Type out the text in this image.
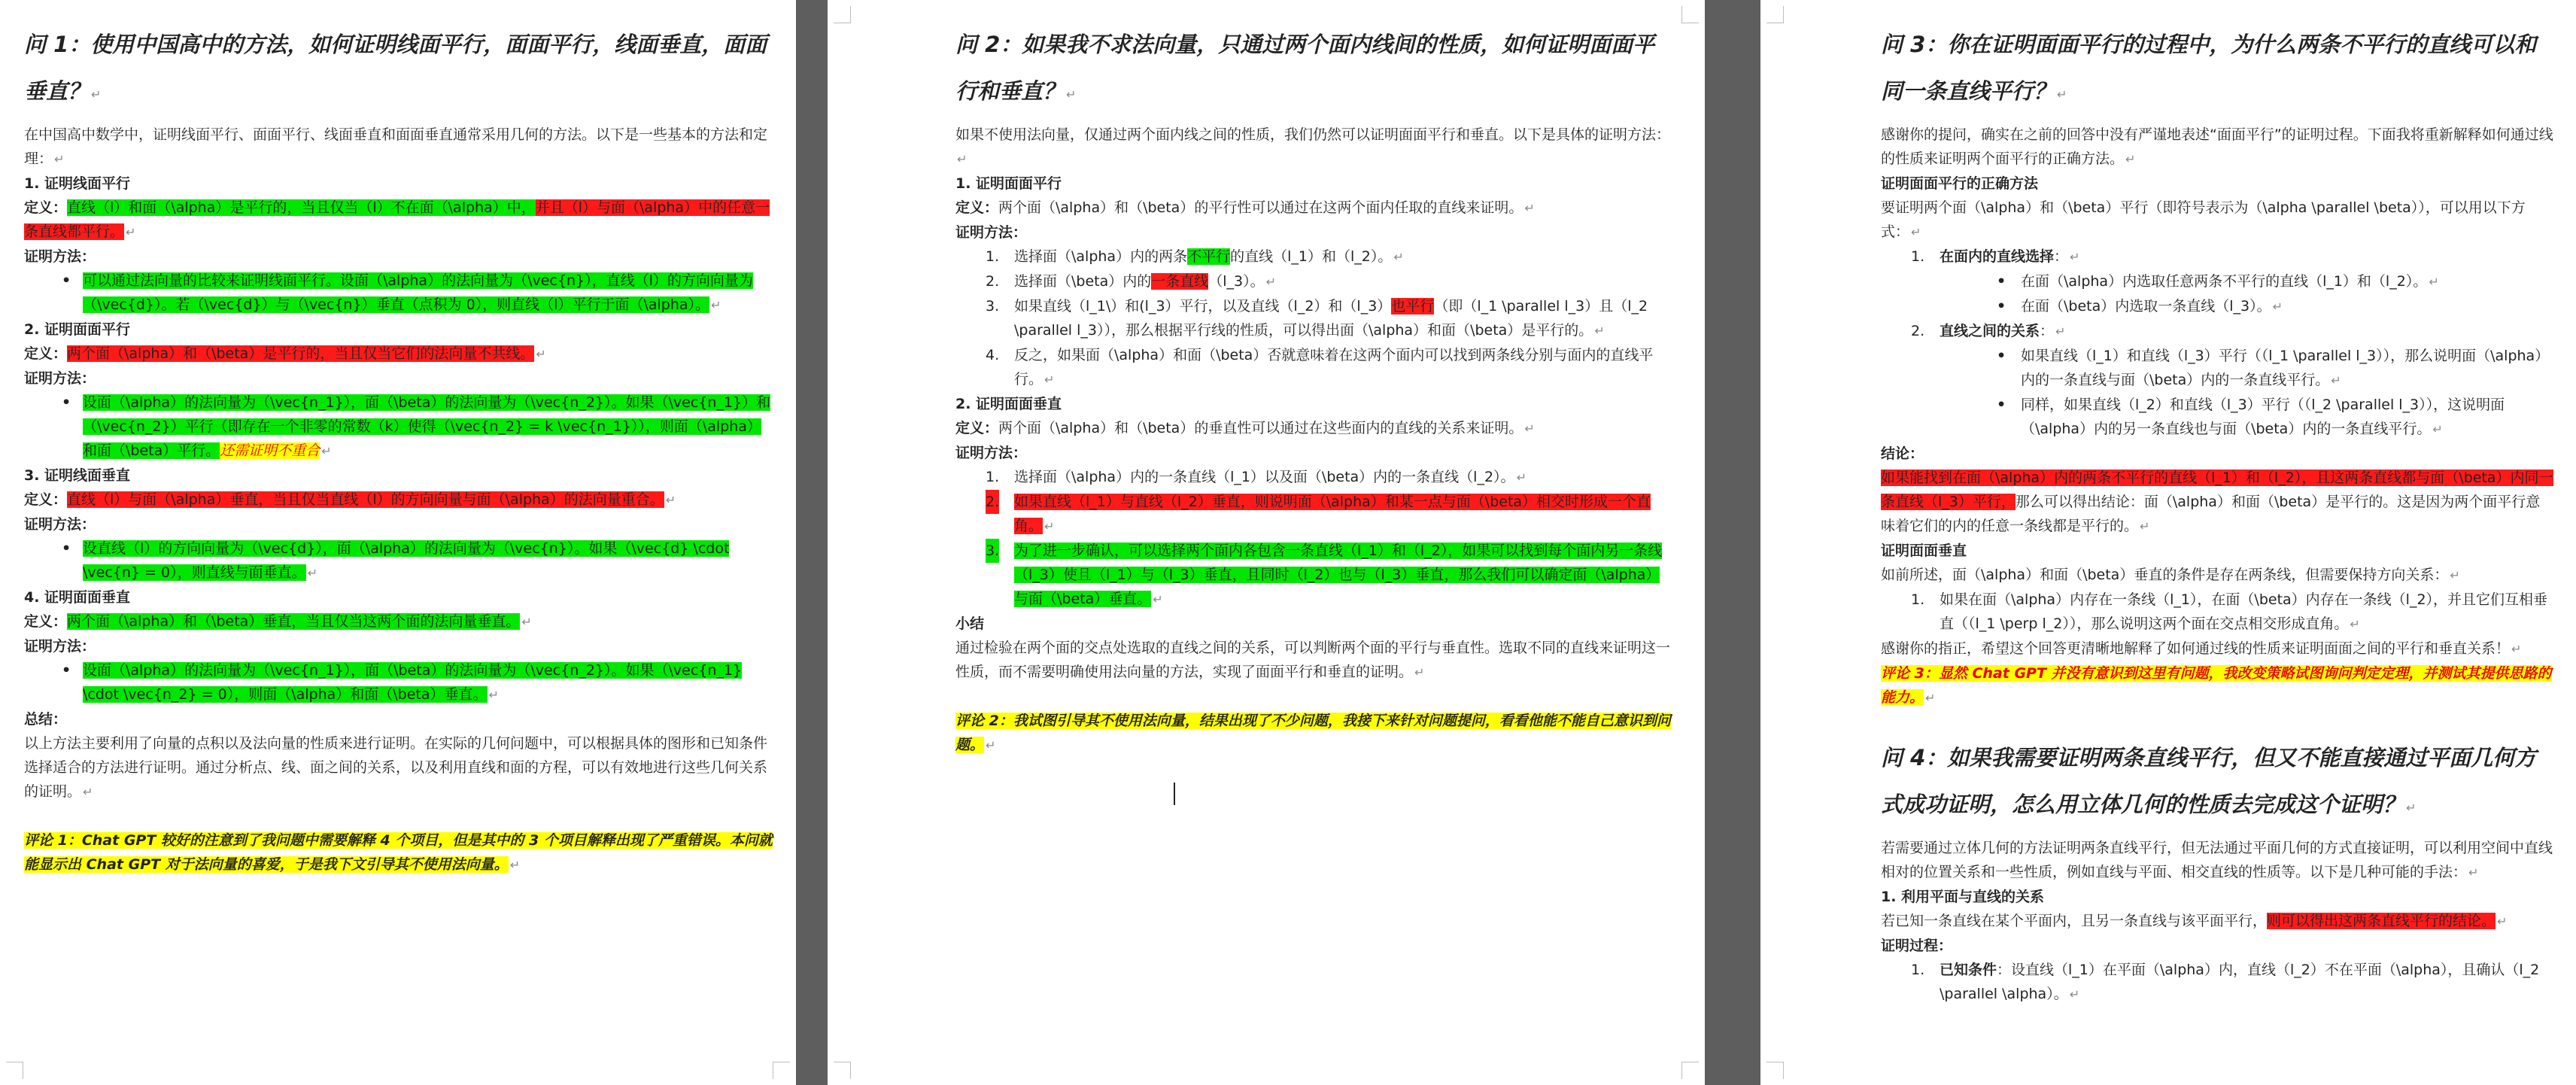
问 1：使用中国高中的方法，如何证明线面平行，面面平行，线面垂直，面面垂直？ ↵

在中国高中数学中，证明线面平行、面面平行、线面垂直和面面垂直通常采用几何的方法。以下是一些基本的方法和定理： ↵

1. 证明线面平行

定义：直线（l）和面（\alpha）是平行的，当且仅当（l）不在面（\alpha）中，并且（l）与面（\alpha）中的任意一条直线都平行。 ↵

证明方法：

• 可以通过法向量的比较来证明线面平行。设面（\alpha）的法向量为（\vec{n}），直线（l）的方向向量为（\vec{d}）。若（\vec{d}）与（\vec{n}）垂直（点积为 0），则直线（l）平行于面（\alpha）。 ↵

2. 证明面面平行

定义：两个面（\alpha）和（\beta）是平行的，当且仅当它们的法向量不共线。 ↵

证明方法：

• 设面（\alpha）的法向量为（\vec{n_1}），面（\beta）的法向量为（\vec{n_2}）。如果（\vec{n_1}）和（\vec{n_2}）平行（即存在一个非零的常数（k）使得（\vec{n_2} = k \vec{n_1}）），则面（\alpha）和面（\beta）平行。还需证明不重合 ↵

3. 证明线面垂直

定义：直线（l）与面（\alpha）垂直，当且仅当直线（l）的方向向量与面（\alpha）的法向量重合。 ↵

证明方法：

• 设直线（l）的方向向量为（\vec{d}），面（\alpha）的法向量为（\vec{n}）。如果（\vec{d} \cdot \vec{n} = 0），则直线与面垂直。 ↵

4. 证明面面垂直

定义：两个面（\alpha）和（\beta）垂直，当且仅当这两个面的法向量垂直。 ↵

证明方法：

• 设面（\alpha）的法向量为（\vec{n_1}），面（\beta）的法向量为（\vec{n_2}）。如果（\vec{n_1} \cdot \vec{n_2} = 0），则面（\alpha）和面（\beta）垂直。 ↵

总结：

以上方法主要利用了向量的点积以及法向量的性质来进行证明。在实际的几何问题中，可以根据具体的图形和已知条件选择适合的方法进行证明。通过分析点、线、面之间的关系，以及利用直线和面的方程，可以有效地进行这些几何关系的证明。 ↵

评论 1：Chat GPT 较好的注意到了我问题中需要解释 4 个项目，但是其中的 3 个项目解释出现了严重错误。本问就能显示出 Chat GPT 对于法向量的喜爱，于是我下文引导其不使用法向量。 ↵

问 2：如果我不求法向量，只通过两个面内线间的性质，如何证明面面平行和垂直？ ↵

如果不使用法向量，仅通过两个面内线之间的性质，我们仍然可以证明面面平行和垂直。以下是具体的证明方法：↵

1. 证明面面平行

定义：两个面（\alpha）和（\beta）的平行性可以通过在这两个面内任取的直线来证明。 ↵

证明方法：

1. 选择面（\alpha）内的两条不平行的直线（l_1）和（l_2）。 ↵
2. 选择面（\beta）内的一条直线（l_3）。 ↵
3. 如果直线（l_1\）和(l_3）平行，以及直线（l_2）和（l_3）也平行（即（l_1 \parallel l_3）且（l_2 \parallel l_3）），那么根据平行线的性质，可以得出面（\alpha）和面（\beta）是平行的。 ↵
4. 反之，如果面（\alpha）和面（\beta）否就意味着在这两个面内可以找到两条线分别与面内的直线平行。 ↵

2. 证明面面垂直

定义：两个面（\alpha）和（\beta）的垂直性可以通过在这些面内的直线的关系来证明。 ↵

证明方法：

1. 选择面（\alpha）内的一条直线（l_1）以及面（\beta）内的一条直线（l_2）。 ↵
2. 如果直线（l_1）与直线（l_2）垂直，则说明面（\alpha）和某一点与面（\beta）相交时形成一个直角。 ↵
3. 为了进一步确认，可以选择两个面内各包含一条直线（l_1）和（l_2），如果可以找到每个面内另一条线（l_3）使且（l_1）与（l_3）垂直，且同时（l_2）也与（l_3）垂直，那么我们可以确定面（\alpha）与面（\beta）垂直。 ↵

小结

通过检验在两个面的交点处选取的直线之间的关系，可以判断两个面的平行与垂直性。选取不同的直线来证明这一性质，而不需要明确使用法向量的方法，实现了面面平行和垂直的证明。 ↵

评论 2：我试图引导其不使用法向量，结果出现了不少问题，我接下来针对问题提问，看看他能不能自己意识到问题。 ↵

问 3：你在证明面面平行的过程中，为什么两条不平行的直线可以和同一条直线平行？ ↵

感谢你的提问，确实在之前的回答中没有严谨地表述“面面平行”的证明过程。下面我将重新解释如何通过线的性质来证明两个面平行的正确方法。 ↵

证明面面平行的正确方法

要证明两个面（\alpha）和（\beta）平行（即符号表示为（\alpha \parallel \beta）），可以用以下方式： ↵

1. 在面内的直线选择： ↵
• 在面（\alpha）内选取任意两条不平行的直线（l_1）和（l_2）。 ↵
• 在面（\beta）内选取一条直线（l_3）。 ↵
2. 直线之间的关系： ↵
• 如果直线（l_1）和直线（l_3）平行（（l_1 \parallel l_3）），那么说明面（\alpha）内的一条直线与面（\beta）内的一条直线平行。 ↵
• 同样，如果直线（l_2）和直线（l_3）平行（（l_2 \parallel l_3）），这说明面（\alpha）内的另一条直线也与面（\beta）内的一条直线平行。 ↵

结论：

如果能找到在面（\alpha）内的两条不平行的直线（l_1）和（l_2），且这两条直线都与面（\beta）内同一条直线（l_3）平行，那么可以得出结论：面（\alpha）和面（\beta）是平行的。这是因为两个面平行意味着它们的内的任意一条线都是平行的。 ↵

证明面面垂直

如前所述，面（\alpha）和面（\beta）垂直的条件是存在两条线，但需要保持方向关系： ↵

1. 如果在面（\alpha）内存在一条线（l_1），在面（\beta）内存在一条线（l_2），并且它们互相垂直（（l_1 \perp l_2）），那么说明这两个面在交点相交形成直角。 ↵

感谢你的指正，希望这个回答更清晰地解释了如何通过线的性质来证明面面之间的平行和垂直关系！ ↵

评论 3：显然 Chat GPT 并没有意识到这里有问题，我改变策略试图询问判定定理，并测试其提供思路的能力。 ↵

问 4：如果我需要证明两条直线平行，但又不能直接通过平面几何方式成功证明，怎么用立体几何的性质去完成这个证明？ ↵

若需要通过立体几何的方法证明两条直线平行，但无法通过平面几何的方式直接证明，可以利用空间中直线相对的位置关系和一些性质，例如直线与平面、相交直线的性质等。以下是几种可能的手法： ↵

1. 利用平面与直线的关系

若已知一条直线在某个平面内，且另一条直线与该平面平行，则可以得出这两条直线平行的结论。 ↵

证明过程：

1. 已知条件：设直线（l_1）在平面（\alpha）内，直线（l_2）不在平面（\alpha），且确认（l_2 \parallel \alpha）。 ↵
